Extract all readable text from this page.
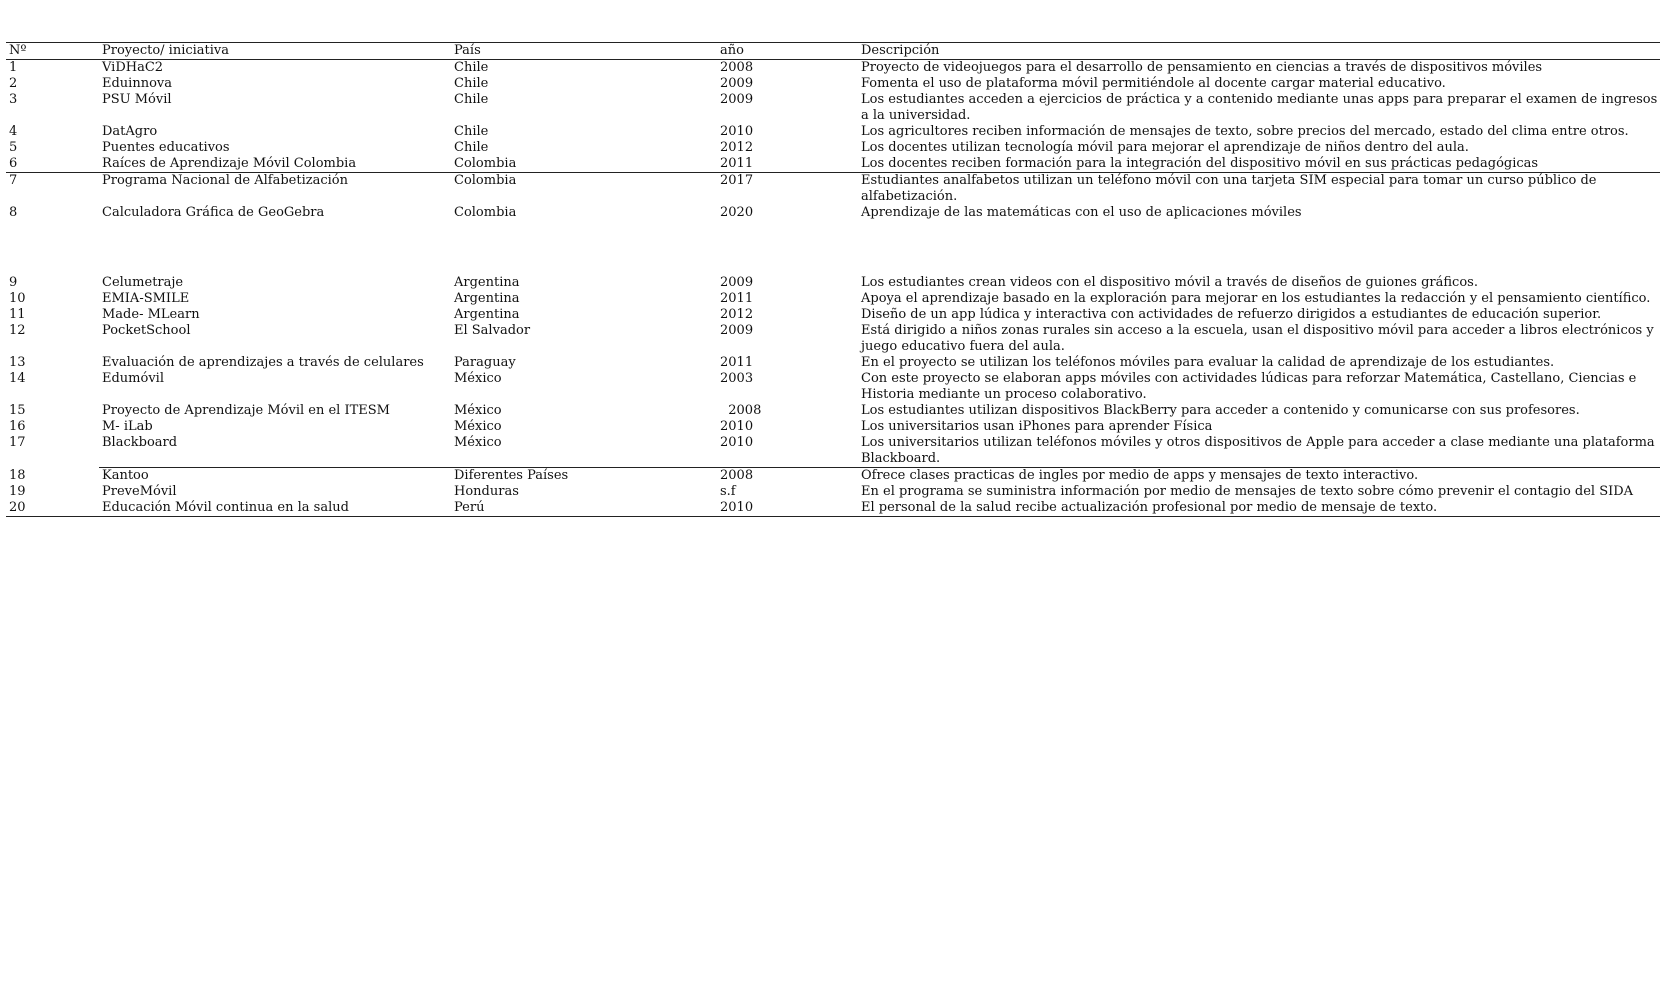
Nº	Proyecto/ iniciativa	País	año	Descripción
1	ViDHaC2	Chile	2008	Proyecto de videojuegos para el desarrollo de pensamiento en ciencias a través de dispositivos móviles
2	Eduinnova	Chile	2009	Fomenta el uso de plataforma móvil permitiéndole al docente cargar material educativo.
3	PSU Móvil	Chile	2009	Los estudiantes acceden a ejercicios de práctica y a contenido mediante unas apps para preparar el examen de ingresos a la universidad.
4	DatAgro	Chile	2010	Los agricultores reciben información de mensajes de texto, sobre precios del mercado, estado del clima entre otros.
5	Puentes educativos	Chile	2012	Los docentes utilizan tecnología móvil para mejorar el aprendizaje de niños dentro del aula.
6	Raíces de Aprendizaje Móvil Colombia	Colombia	2011	Los docentes reciben formación para la integración del dispositivo móvil en sus prácticas pedagógicas
7	Programa Nacional de Alfabetización	Colombia	2017	Estudiantes analfabetos utilizan un teléfono móvil con una tarjeta SIM especial para tomar un curso público de alfabetización.
8	Calculadora Gráfica de GeoGebra	Colombia	2020	Aprendizaje de las matemáticas con el uso de aplicaciones móviles
9	Celumetraje	Argentina	2009	Los estudiantes crean videos con el dispositivo móvil a través de diseños de guiones gráficos.
10	EMIA-SMILE	Argentina	2011	Apoya el aprendizaje basado en la exploración para mejorar en los estudiantes la redacción y el pensamiento científico.
11	Made- MLearn	Argentina	2012	Diseño de un app lúdica y interactiva con actividades de refuerzo dirigidos a estudiantes de educación superior.
12	PocketSchool	El Salvador	2009	Está dirigido a niños zonas rurales sin acceso a la escuela, usan el dispositivo móvil para acceder a libros electrónicos y juego educativo fuera del aula.
13	Evaluación de aprendizajes a través de celulares	Paraguay	2011	En el proyecto se utilizan los teléfonos móviles para evaluar la calidad de aprendizaje de los estudiantes.
14	Edumóvil	México	2003	Con este proyecto se elaboran apps móviles con actividades lúdicas para reforzar Matemática, Castellano, Ciencias e Historia mediante un proceso colaborativo.
15	Proyecto de Aprendizaje Móvil en el ITESM	México	2008	Los estudiantes utilizan dispositivos BlackBerry para acceder a contenido y comunicarse con sus profesores.
16	M- iLab	México	2010	Los universitarios usan iPhones para aprender Física
17	Blackboard	México	2010	Los universitarios utilizan teléfonos móviles y otros dispositivos de Apple para acceder a clase mediante una plataforma Blackboard.
18	Kantoo	Diferentes Países	2008	Ofrece clases practicas de ingles por medio de apps y mensajes de texto interactivo.
19	PreveMóvil	Honduras	s.f	En el programa se suministra información por medio de mensajes de texto sobre cómo prevenir el contagio del SIDA
20	Educación Móvil continua en la salud	Perú	2010	El personal de la salud recibe actualización profesional por medio de mensaje de texto.
